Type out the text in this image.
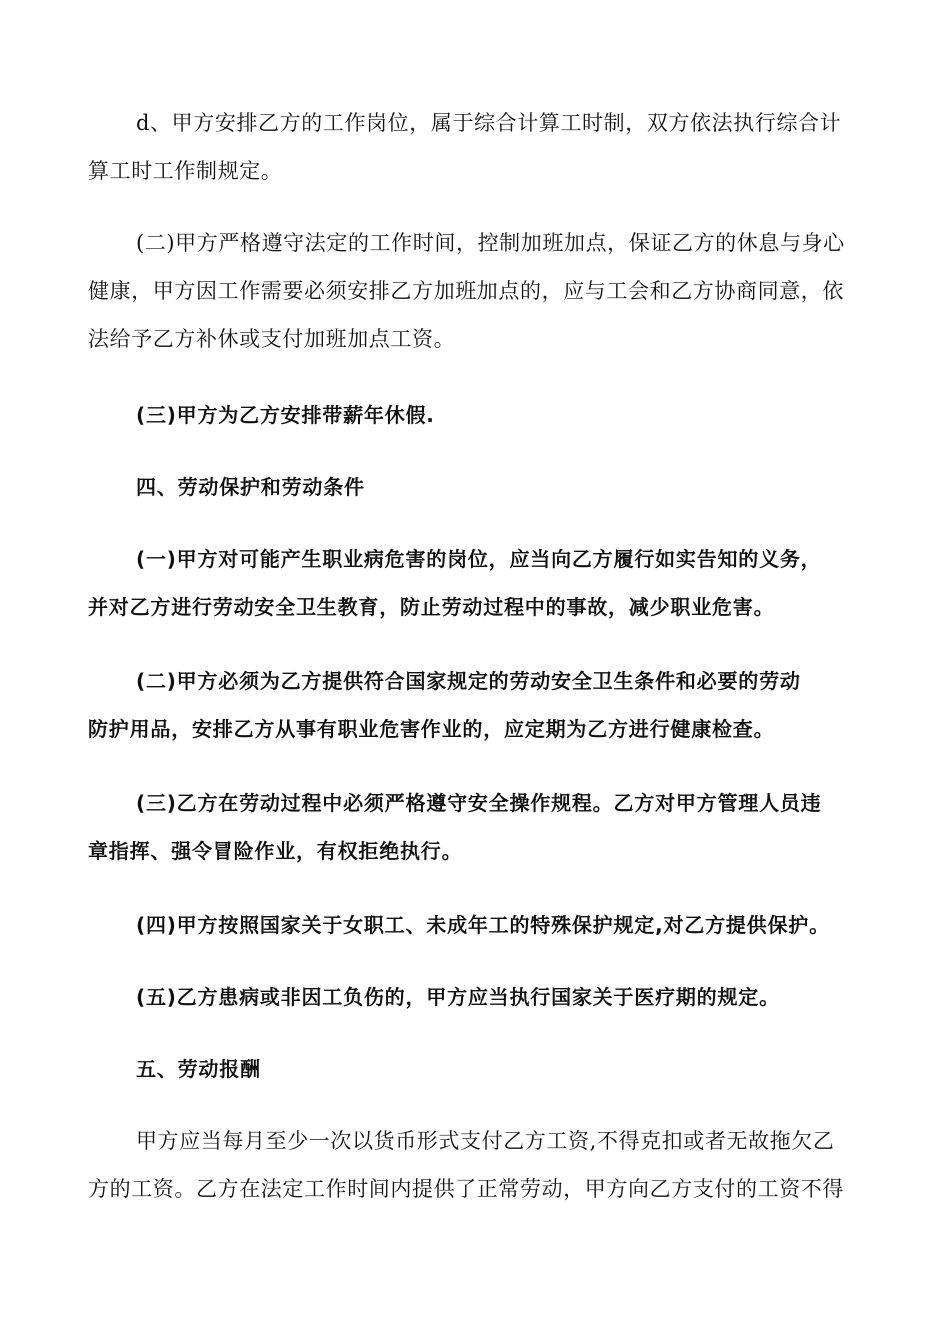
d、甲方安排乙方的工作岗位，属于综合计算工时制，双方依法执行综合计
算工时工作制规定。

(二)甲方严格遵守法定的工作时间，控制加班加点，保证乙方的休息与身心
健康，甲方因工作需要必须安排乙方加班加点的，应与工会和乙方协商同意，依
法给予乙方补休或支付加班加点工资。

(三)甲方为乙方安排带薪年休假.

四、劳动保护和劳动条件

(一)甲方对可能产生职业病危害的岗位，应当向乙方履行如实告知的义务，
并对乙方进行劳动安全卫生教育，防止劳动过程中的事故，减少职业危害。

(二)甲方必须为乙方提供符合国家规定的劳动安全卫生条件和必要的劳动
防护用品，安排乙方从事有职业危害作业的，应定期为乙方进行健康检查。

(三)乙方在劳动过程中必须严格遵守安全操作规程。乙方对甲方管理人员违
章指挥、强令冒险作业，有权拒绝执行。

(四)甲方按照国家关于女职工、未成年工的特殊保护规定,对乙方提供保护。

(五)乙方患病或非因工负伤的，甲方应当执行国家关于医疗期的规定。

五、劳动报酬

甲方应当每月至少一次以货币形式支付乙方工资,不得克扣或者无故拖欠乙
方的工资。乙方在法定工作时间内提供了正常劳动，甲方向乙方支付的工资不得
